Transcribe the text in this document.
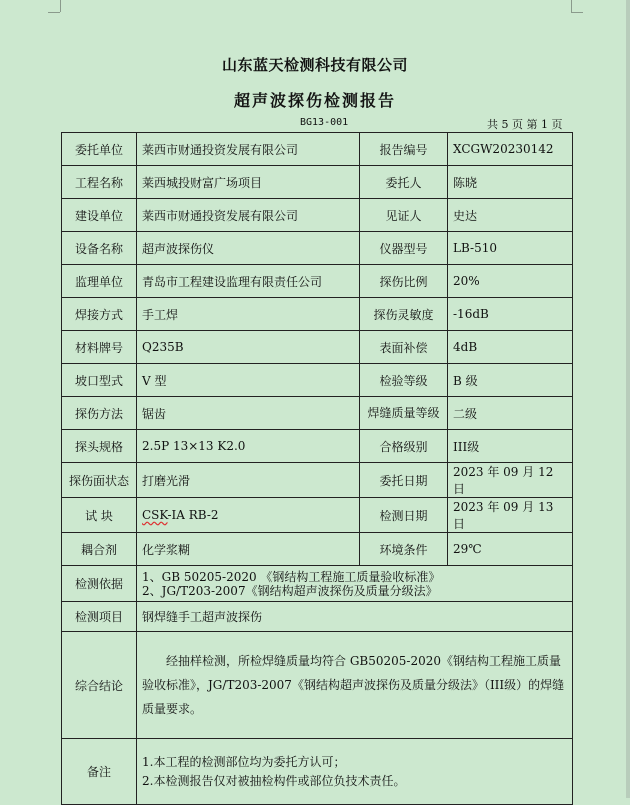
山东蓝天检测科技有限公司
超声波探伤检测报告
BG13-001	共 5 页 第 1 页
委托单位	莱西市财通投资发展有限公司	报告编号	XCGW20230142
工程名称	莱西城投财富广场项目	委托人	陈晓
建设单位	莱西市财通投资发展有限公司	见证人	史达
设备名称	超声波探伤仪	仪器型号	LB-510
监理单位	青岛市工程建设监理有限责任公司	探伤比例	20%
焊接方式	手工焊	探伤灵敏度	-16dB
材料牌号	Q235B	表面补偿	4dB
坡口型式	V 型	检验等级	B 级
探伤方法	锯齿	焊缝质量等级	二级
探头规格	2.5P 13×13 K2.0	合格级别	III级
探伤面状态	打磨光滑	委托日期	2023 年 09 月 12 日
试 块	CSK-ⅠA RB-2	检测日期	2023 年 09 月 13 日
耦合剂	化学浆糊	环境条件	29℃
检测依据	1、GB 50205-2020 《钢结构工程施工质量验收标准》
2、JG/T203-2007《钢结构超声波探伤及质量分级法》		

检测项目	钢焊缝手工超声波探伤		
综合结论	经抽样检测，所检焊缝质量均符合 GB50205-2020《钢结构工程施工质量验收标准》，JG/T203-2007《钢结构超声波探伤及质量分级法》（III级）的焊缝质量要求。		

备注	1.本工程的检测部位均为委托方认可；
2.本检测报告仅对被抽检构件或部位负技术责任。		
